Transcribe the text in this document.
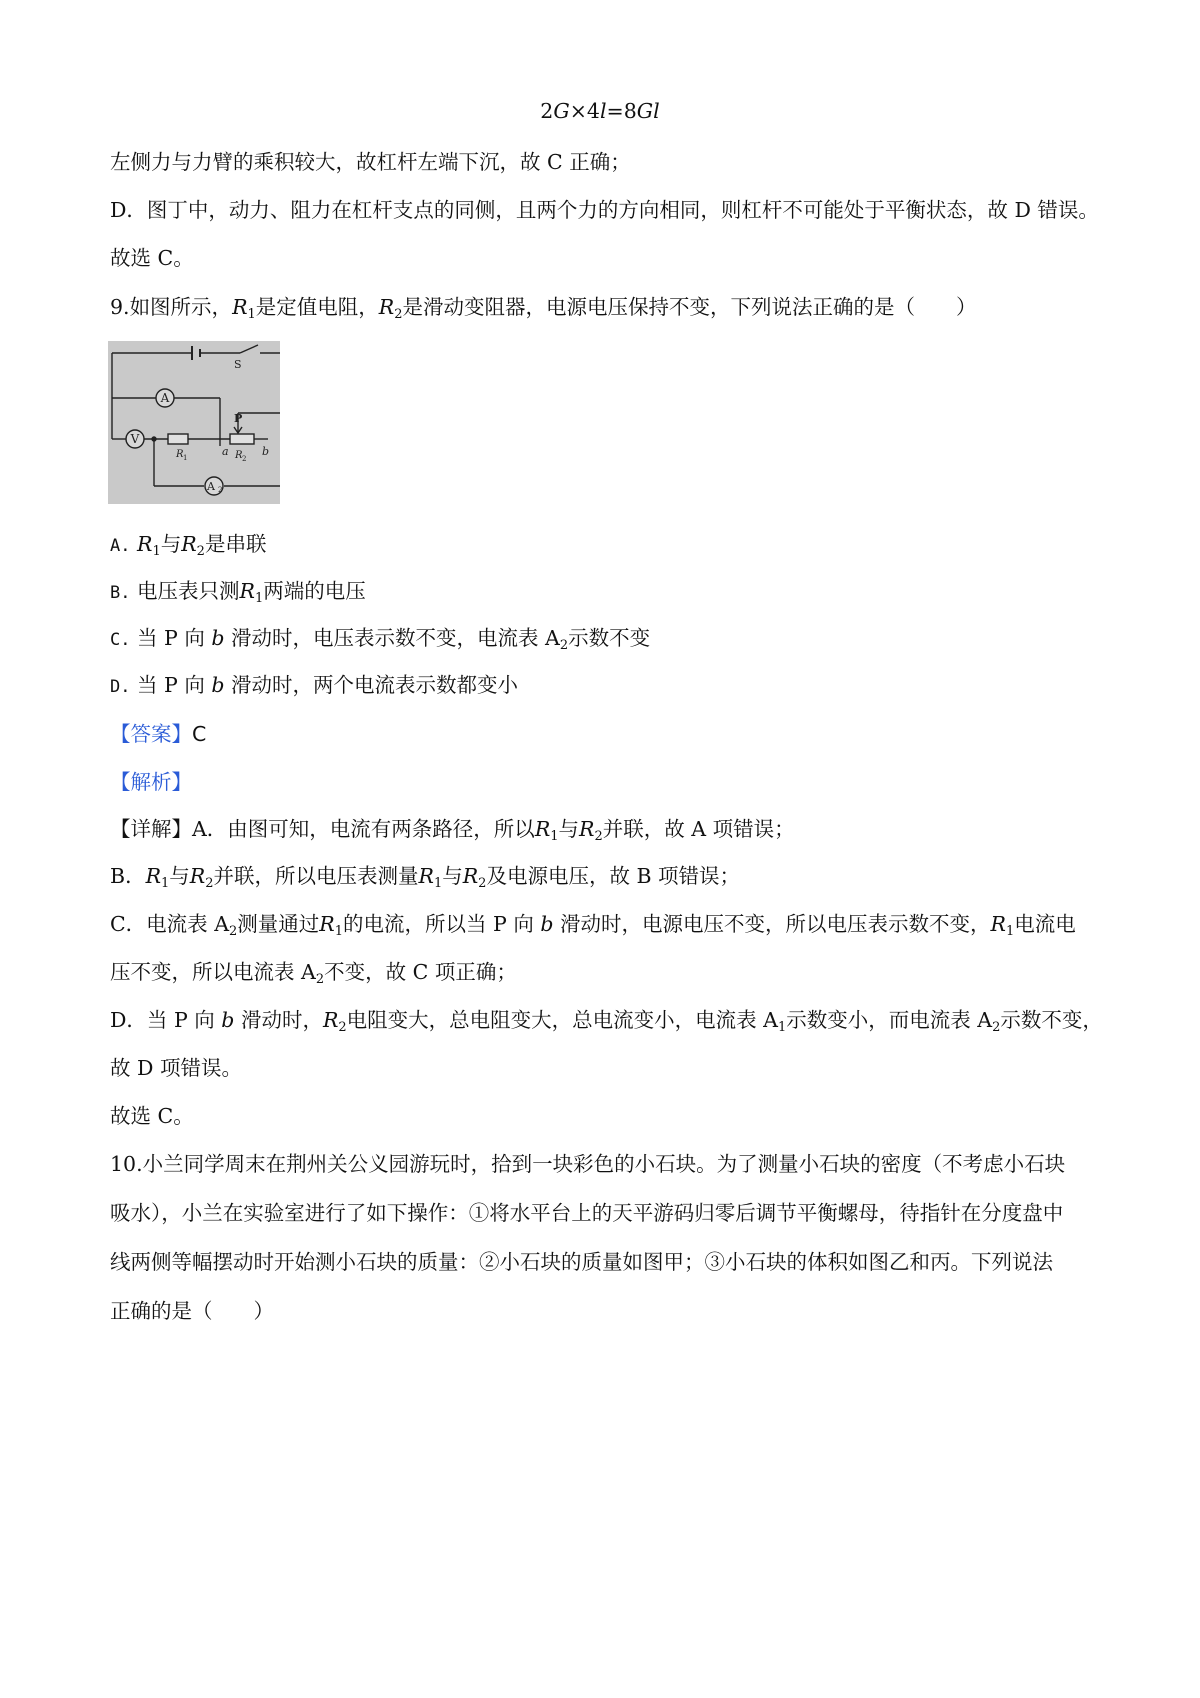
2G×4l=8Gl
左侧力与力臂的乘积较大，故杠杆左端下沉，故 C 正确；
D．图丁中，动力、阻力在杠杆支点的同侧，且两个力的方向相同，则杠杆不可能处于平衡状态，故 D 错误。
故选 C。
9.如图所示，$R_1$是定值电阻，$R_2$是滑动变阻器，电源电压保持不变，下列说法正确的是（　　）
A
V
A 2
S
P
R 1	a R 2
b
A. $R_1$与$R_2$是串联
B. 电压表只测$R_1$两端的电压
C. 当 P 向 b 滑动时，电压表示数不变，电流表 $A_2$示数不变
D. 当 P 向 b 滑动时，两个电流表示数都变小
【答案】C
【解析】
【详解】A．由图可知，电流有两条路径，所以$R_1$与$R_2$并联，故 A 项错误；
B．$R_1$与$R_2$并联，所以电压表测量$R_1$与$R_2$及电源电压，故 B 项错误；
C．电流表 $A_2$测量通过$R_1$的电流，所以当 P 向 b 滑动时，电源电压不变，所以电压表示数不变，$R_1$电流电
压不变，所以电流表 $A_2$不变，故 C 项正确；
D．当 P 向 b 滑动时，$R_2$电阻变大，总电阻变大，总电流变小，电流表 $A_1$示数变小，而电流表 $A_2$示数不变，
故 D 项错误。
故选 C。
10.小兰同学周末在荆州关公义园游玩时，拾到一块彩色的小石块。为了测量小石块的密度（不考虑小石块
吸水），小兰在实验室进行了如下操作：①将水平台上的天平游码归零后调节平衡螺母，待指针在分度盘中
线两侧等幅摆动时开始测小石块的质量：②小石块的质量如图甲；③小石块的体积如图乙和丙。下列说法
正确的是（　　）
